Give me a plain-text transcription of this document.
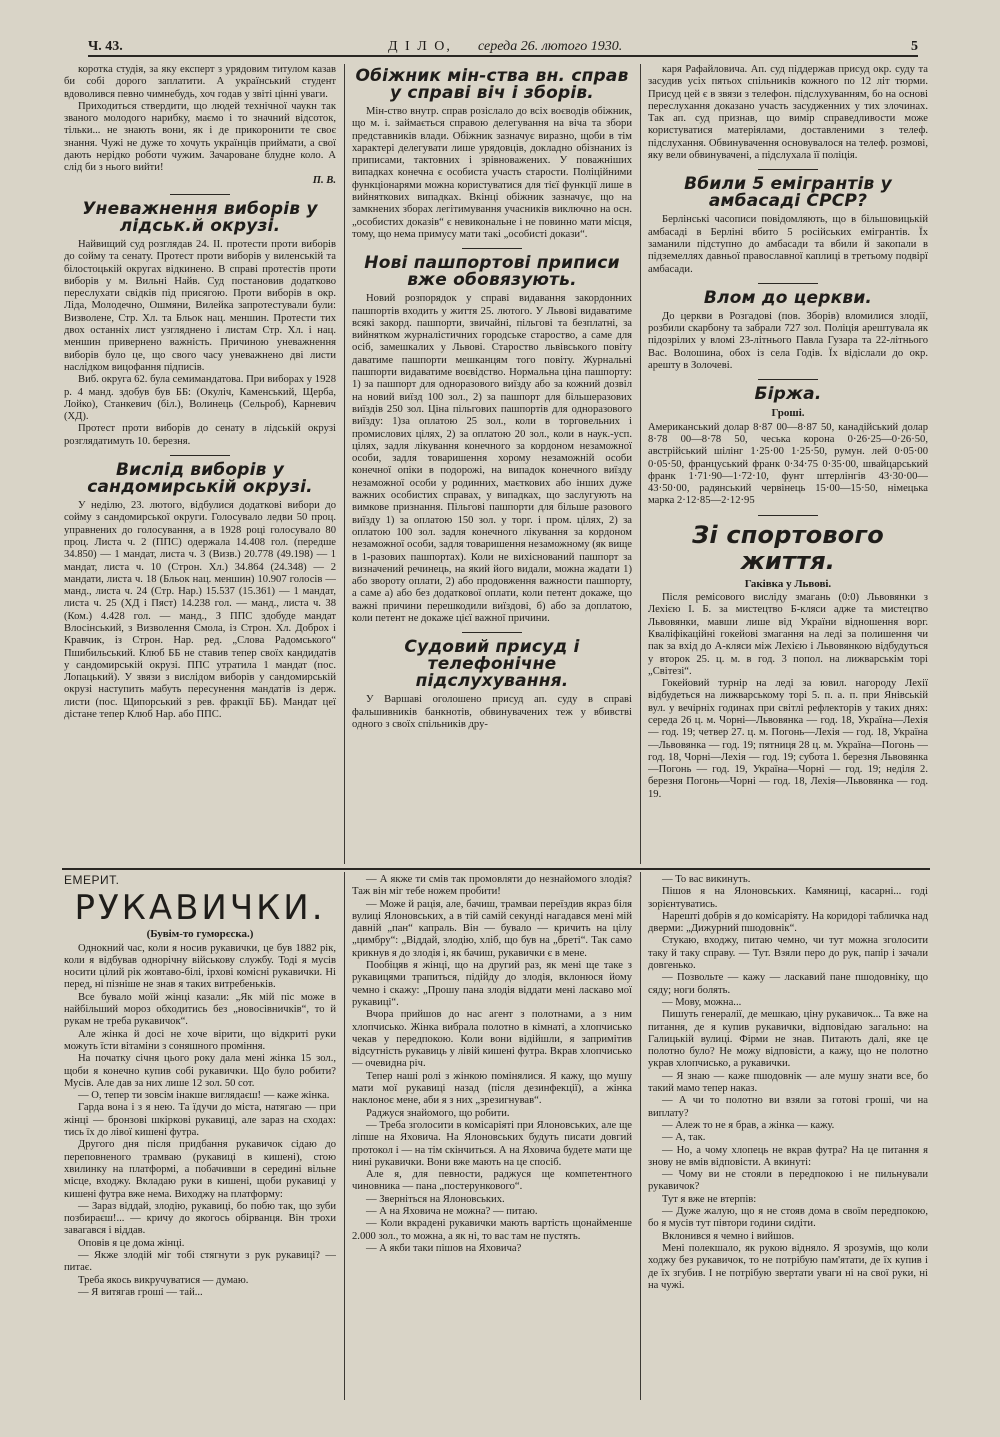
Ч. 43.	Д І Л О, середа 26. лютого 1930.	5

короткa студія, за яку експерт з урядовим титулом казав би собі дорого заплатити. А український студент вдоволився певно чимнебудь, хоч годав у звіті цінні уваги.

Приходиться ствердити, що людей технічної чаукн так званого молодого нарибку, маємо і то значний відсоток, тільки... не знають вони, як і де прикорoнити те своє знання. Чужі не дуже то хочуть українців приймати, а свої дають нерідко роботи чужим. Зачароване блудне коло. А слід би з нього вийти!

П. В.
Уневажнення виборів у лідськ.й окрузі.

Найвищий суд розглядав 24. II. протести проти виборів до сойму та сенату. Протест проти виборів у виленській та білостоцькій округах відкинено. В справі протестів проти виборів у м. Вильні Найв. Суд постановив додатково переслухати свідків під присягою. Проти виборів в окр. Ліда, Молодечно, Ошмяни, Вилейка запротестували були: Визволене, Стр. Хл. та Бльок нац. меншин. Протести тих двох останніх лист узглядненo і листам Стр. Хл. і нац. меншин привернено важність. Причиною уневажнення виборів було це, що свого часу уневажнено дві листи наслідком вицофання підписів.

Виб. округа 62. була семимандатова. При виборах у 1928 р. 4 манд. здобув був ББ: (Окуліч, Каменський, Щерба, Лойко), Станкевич (біл.), Волинець (Сельроб), Карневич (ХД).

Протест проти виборів до сенату в лідській окрузі розглядатимуть 10. березня.

Вислід виборів у сандомирській окрузі.

У неділю, 23. лютого, відбулися додаткові вибори до сойму з сандомирської округи. Голосувало ледви 50 проц. управнених до голосування, а в 1928 році голосувало 80 проц. Листа ч. 2 (ППС) одержала 14.408 гол. (передше 34.850) — 1 мандат, листа ч. 3 (Визв.) 20.778 (49.198) — 1 мандат, листа ч. 10 (Строн. Хл.) 34.864 (24.348) — 2 мандати, листа ч. 18 (Бльок нац. меншин) 10.907 голосів — манд., листа ч. 24 (Стр. Нар.) 15.537 (15.361) — 1 мандат, листа ч. 25 (ХД і Пяст) 14.238 гол. — манд., листа ч. 38 (Ком.) 4.428 гол. — манд., З ППС здобуде мандат Влосінський, з Визволення Смола, із Строн. Хл. Доброх і Кравчик, із Строн. Нар. ред. „Слова Радомського“ Пшибильський. Клюб ББ не ставив тепер своїх кандидатів у сандомирській окрузі. ППС утратила 1 мандат (пос. Лопацький). У звязи з вислідом виборів у сандомирській окрузі наступить мабуть пересунення мандатів із держ. листи (пос. Щипорський з рев. фракції ББ). Мандат цеї дістане тепер Клюб Нар. або ППС.

Обіжник мін-ства вн. справ у справі віч і зборів.

Мін-ство внутр. справ розіслало до всіх воєводів обіжник, що м. і. займається справою делегування на віча та збори представників влади. Обіжник зазначує виразно, щоби в тім характері делегувати лише урядовців, докладно обізнаних із приписами, тактовних і зрівноважених. У поважніших випадках конечна є особиста участь старости. Поліційними функціонарями можна користуватися для тієї функції лише в вийняткових випадках. Вкінці обіжник зазначує, що на замкнених зборах легітимування учасників виключно на осн. „особистих доказів“ є невикональне і не повинно мати місця, тому, що нема примусу мати такі „особисті докази“.

Нові пашпортові приписи вже обовязують.

Новий розпорядок у справі видавання закордонних пашпортів входить у життя 25. лютого. У Львові видаватиме всякі закорд. пашпорти, звичайні, пільгові та безплатні, за вийнятком журналістичних городське староство, а саме для осіб, замешкалих у Львові. Староство львівського повіту даватиме пашпорти мешканцям того повіту. Журнальні пашпорти видаватиме воєвідство. Нормальна ціна пашпорту: 1) за пашпорт для одноразового виїзду або за кожний дозвіл на новий виїзд 100 зол., 2) за пашпорт для більшеразових виїздів 250 зол. Ціна пільгових пашпортів для одноразового виїзду: 1)за оплатою 25 зол., коли в торговельних і промислових цілях, 2) за оплатою 20 зол., коли в наук.-усп. цілях, задля лікування конечного за кордоном незаможної особи, задля товаришення хорому незаможній особи конечної опіки в подорожі, на випадок конечного виїзду незаможної особи у родинних, маєткових або інших дуже важних особистих справах, у випадках, що заслугують на вимкове признання. Пільгові пашпорти для більше разового виїзду 1) за оплатою 150 зол. у торг. і пром. цілях, 2) за оплатою 100 зол. задля конечного лікування за кордоном незаможної особи, задля товаришення незаможному (як вище в 1-разових пашпортах). Коли не вихіснований пашпорт за визначений речинець, на який його видали, можна жадати 1) або звороту оплати, 2) або продовження важности пашпорту, а саме а) або без додаткової оплати, коли петент докаже, що важні причини перешкодили виїздові, б) або за доплатою, коли петент не докаже цієї важної причини.

Судовий присуд і телефонічне підслухування.

У Варшаві оголошено присуд ап. суду в справі фальшивників банкнотів, обвинувачених теж у вбивстві одного з своїх спільників дру-

каря Рафайловича. Ап. суд піддержав присуд окр. суду та засудив усіх пятьох спільників кожного по 12 літ тюрми. Присуд цей є в звязи з телефон. підслухуванням, бо на основі переслухання доказано участь засудженних у тих злочинах. Так ап. суд признав, що вимір справедливости може користуватися матеріялами, доставленими з телеф. підслухання. Обвинувачення основувалося на телеф. розмові, яку вели обвинувачені, а підслухала її поліція.

Вбили 5 емігрантів у амбасаді СРСР?

Берлінські часописи повідомляють, що в більшовицькій амбасаді в Берліні вбито 5 російських емігрантів. Їх заманили підступно до амбасади та вбили й закопали в підземеллях давньої православної каплиці в третьому подвірї амбасади.

Влом до церкви.

До церкви в Розгадові (пов. Зборів) вломилися злодії, розбили скарбону та забрали 727 зол. Поліція арештувала як підозрілих у вломі 23-літнього Павла Гузара та 22-літнього Вас. Волошина, обох із села Годів. Їх відіслали до окр. арешту в Золочеві.

Біржа.
Гроші.

Американський долар 8·87 00—8·87 50, канадійський долар 8·78 00—8·78 50, чеська корона 0·26·25—0·26·50, австрійський шілінг 1·25·00 1·25·50, румун. лей 0·05·00 0·05·50, француський франк 0·34·75 0·35·00, швайцарський франк 1·71·90—1·72·10, фунт штерлінгів 43·30·00—43·50·00, радянський червінець 15·00—15·50, німецька марка 2·12·85—2·12·95

Зі спортового життя.
Гаківка у Львові.

Після ремісового висліду змагань (0:0) Львовянки з Лехією І. Б. за мистецтво Б-кляси адже та мистецтво Львовянки, мавши лише від України відношення ворг. Кваліфікаційні гокейові змагання на леді за полишення чи пак за вхід до А-кляси між Лехією і Львовянкою відбудуться у второк 25. ц. м. в год. 3 попол. на лижварськім торі „Світезі“.

Гокейовий турнір на леді за ювил. нагороду Лехії відбудеться на лижварському торі 5. п. а. п. при Янівській вул. у вечірніх годинах при світлі рефлекторів у таких днях: середа 26 ц. м. Чорні—Львовянка — год. 18, Україна—Лехія — год. 19; четвер 27. ц. м. Погонь—Лехія — год. 18, Україна—Львовянка — год. 19; пятниця 28 ц. м. Україна—Погонь — год. 18, Чорні—Лехія — год. 19; субота 1. березня Львовянка—Погонь — год. 19, Україна—Чорні — год. 19; неділя 2. березня Погонь—Чорні — год. 18, Лехія—Львовянка — год. 19.

ЕМЕРИТ.
РУКАВИЧКИ.
(Бувім-то гуморєска.)

Однокний час, коли я носив рукавички, це був 1882 рік, коли я відбував однорічну військову службу. Тоді я мусів носити цілий рік жовтаво-білі, ірхові комісні рукавички. Ні перед, ні пізніше не знав я таких витребеньків.

Все бувало моїй жінці казали: „Як мій піс може в найбільший мороз обходитись без „новосівничків“, то й рукам не треба рукавичок“.

Але жінка й досі не хоче вірити, що відкриті руки можуть їсти вітаміни з соняшного проміння.

На початку січня цього року дала мені жінка 15 зол., щоби я конечно купив собі рукавички. Що було робити? Мусів. Але дав за них лише 12 зол. 50 сот.

— О, тепер ти зовсім інакше виглядаєш! — каже жінка.

Гарда вона і з я нею. Та їдучи до міста, натягаю — при жінці — бронзові шкіркові рукавиці, але зараз на сходах: тись їх до лівої кишені футра.

Другого дня після придбання рукавичок сідаю до переповненого трамваю (рукавиці в кишені), стою хвилинку на платформі, а побачивши в середині вільне місце, входжу. Вкладаю руки в кишені, щоби рукавиці у кишені футра вже нема. Виходжу на платформу:

— Зараз віддай, злодію, рукавиці, бо побю так, що зуби позбираєш!... — кричу до якогось обірванця. Він трохи завагався і віддав.

Оповів я це дома жінці.

— Якже злодій міг тобі стягнути з рук рукавиці? — питає.

Треба якось викручуватися — думаю.

— Я витягав гроші — тай...

— А якже ти смів так промовляти до незнайомого злодія? Таж він міг тебе ножем пробити!

— Може й рація, але, бачиш, трамваи переїздив якраз біля вулиці Ялоновських, а в тій самій секунді нагадався мені мій давній „пан“ капраль. Він — бувало — кричить на цілу „цимбру“: „Віддай, злодію, хліб, що був на „бреті“. Так само крикнув я до злодія і, як бачиш, рукавички є в мене.

Пообіцяв я жінці, що на другий раз, як мені ще таке з рукавицями трапиться, підійду до злодія, вклонюся йому чемно і скажу: „Прошу пана злодія віддати мені ласкаво мої рукавиці“.

Вчора прийшов до нас агент з полотнами, а з ним хлопчисько. Жінка вибрала полотно в кімнаті, а хлопчисько чекав у передпокою. Коли вони відійшли, я запримітив відсутність рукавиць у лівій кишені футра. Вкрав хлопчисько — очевидна річ.

Тепер наші ролі з жінкою помінялися. Я кажу, що мушу мати мої рукавиці назад (після дезинфекції), а жінка наклоноє мене, аби я з них „зрезигнував“.

Раджуся знайомого, що робити.

— Треба зголосити в комісаріяті при Ялоновських, але ще ліпше на Яховича. На Ялоновських будуть писати довгий протокол і — на тім скінчиться. А на Яховича будете мати ще нині рукавички. Вони вже мають на це спосіб.

Але я, для певности, раджуся ще компетентного чиновника — пана „постерункового“.

— Зверніться на Ялоновських.

— А на Яховича не можна? — питаю.

— Коли вкрадені рукавички мають вартість щонайменше 2.000 зол., то можна, а як ні, то вас там не пустять.

— А якби таки пішов на Яховича?

— То вас викинуть.

Пішов я на Ялоновських. Камяниці, касарні... годі зорієнтуватись.

Нарешті добрів я до комісаріяту. На коридорі табличка над дверми: „Дижурний пшодовнік“.

Стукаю, входжу, питаю чемно, чи тут можна зголосити таку й таку справу. — Тут. Взяли перо до рук, папір і зачали довгенько.

— Позвольте — кажу — ласкавий пане пшодовніку, що сяду; ноги болять.

— Мову, можна...

Пишуть генералії, де мешкаю, ціну рукавичок... Та вже на питання, де я купив рукавички, відповідаю загально: на Галицькій вулиці. Фірми не знав. Питають далі, яке це полотно було? Не можу відповісти, а кажу, що не полотно украв хлопчисько, а рукавички.

— Я знаю — каже пшодовнік — але мушу знати все, бо такий мамо тепер наказ.

— А чи то полотно ви взяли за готові гроші, чи на виплату?

— Алеж то не я брав, а жінка — кажу.

— А, так.

— Но, а чому хлопець не вкрав футра? На це питання я знову не вмів відповісти. А вкинуті:

— Чому ви не стояли в передпокою і не пильнували рукавичок?

Тут я вже не втерпів:

— Дуже жалую, що я не стояв дома в своїм передпокою, бо я мусів тут півтори години сидіти.

Вклонився я чемно і вийшов.

Мені полекшало, як рукою відняло. Я зрозумів, що коли ходжу без рукавичок, то не потрібую пам'ятати, де їх купив і де їх згубив. І не потрібую звертати уваги ні на свої руки, ні на чужі.
